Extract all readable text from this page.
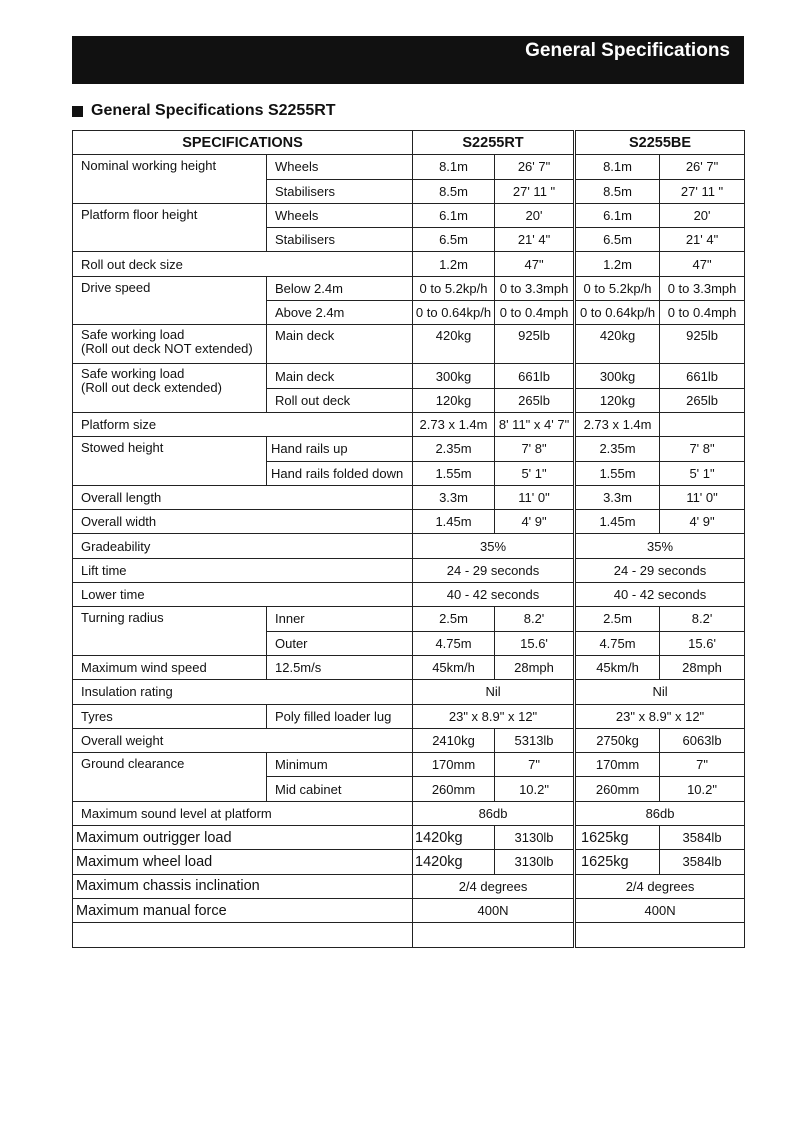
General Specifications
General Specifications S2255RT
SPECIFICATIONS		S2255RT		S2255BE	
Nominal working height	Wheels	8.1m	26' 7"	8.1m	26' 7"
	Stabilisers	8.5m	27' 11 "	8.5m	27' 11 "
Platform floor height	Wheels	6.1m	20'	6.1m	20'
	Stabilisers	6.5m	21' 4"	6.5m	21' 4"
Roll out deck size		1.2m	47"	1.2m	47"
Drive speed	Below 2.4m	0 to 5.2kp/h	0 to 3.3mph	0 to 5.2kp/h	0 to 3.3mph
	Above 2.4m	0 to 0.64kp/h	0 to 0.4mph	0 to 0.64kp/h	0 to 0.4mph

Safe working load
(Roll out deck NOT extended)	Main deck	420kg	925lb	420kg	925lb

Safe working load
(Roll out deck extended)	Main deck	300kg	661lb	300kg	661lb
	Roll out deck	120kg	265lb	120kg	265lb
Platform size		2.73 x 1.4m	8' 11" x 4' 7"	2.73 x 1.4m	
Stowed height	Hand rails up	2.35m	7' 8"	2.35m	7' 8"
	Hand rails folded down	1.55m	5' 1"	1.55m	5' 1"
Overall length		3.3m	11' 0"	3.3m	11' 0"
Overall width		1.45m	4' 9"	1.45m	4' 9"
Gradeability		35%		35%	
Lift time		24 - 29 seconds		24 - 29 seconds	
Lower time		40 - 42 seconds		40 - 42 seconds	
Turning radius	Inner	2.5m	8.2'	2.5m	8.2'
	Outer	4.75m	15.6'	4.75m	15.6'
Maximum wind speed	12.5m/s	45km/h	28mph	45km/h	28mph
Insulation rating		Nil		Nil	
Tyres	Poly filled loader lug	23" x 8.9" x 12"		23" x 8.9" x 12"	
Overall weight		2410kg	5313lb	2750kg	6063lb
Ground clearance	Minimum	170mm	7"	170mm	7"
	Mid cabinet	260mm	10.2"	260mm	10.2"
Maximum sound level at platform		86db		86db	
Maximum outrigger load		1420kg	3130lb	1625kg	3584lb
Maximum wheel load		1420kg	3130lb	1625kg	3584lb
Maximum chassis inclination		2/4 degrees		2/4 degrees	
Maximum manual force		400N		400N	
